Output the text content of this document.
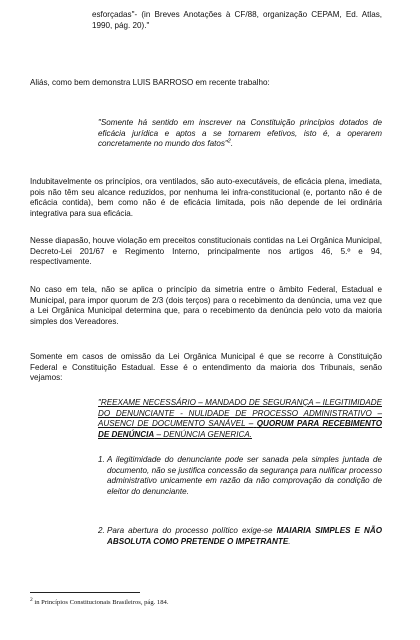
esforçadas"- (in Breves Anotações à CF/88, organização CEPAM, Ed. Atlas, 1990, pág. 20)."

Aliás, como bem demonstra LUIS BARROSO em recente trabalho:

"Somente há sentido em inscrever na Constituição princípios dotados de eficácia jurídica e aptos a se tornarem efetivos, isto é, a operarem concretamente no mundo dos fatos"$^2$.

Indubitavelmente os princípios, ora ventilados, são auto-executáveis, de eficácia plena, imediata, pois não têm seu alcance reduzidos, por nenhuma lei infra-constitucional (e, portanto não é de eficácia contida), bem como não é de eficácia limitada, pois não depende de lei ordinária integrativa para sua eficácia.

Nesse diapasão, houve violação em preceitos constitucionais contidas na Lei Orgânica Municipal, Decreto-Lei 201/67 e Regimento Interno, principalmente nos artigos 46, 5.º e 94, respectivamente.

No caso em tela, não se aplica o princípio da simetria entre o âmbito Federal, Estadual e Municipal, para impor quorum de 2/3 (dois terços) para o recebimento da denúncia, uma vez que a Lei Orgânica Municipal determina que, para o recebimento da denúncia pelo voto da maioria simples dos Vereadores.

Somente em casos de omissão da Lei Orgânica Municipal é que se recorre à Constituição Federal e Constituição Estadual. Esse é o entendimento da maioria dos Tribunais, senão vejamos:

"REEXAME NECESSÁRIO – MANDADO DE SEGURANÇA – ILEGITIMIDADE DO DENUNCIANTE - NULIDADE DE PROCESSO ADMINISTRATIVO – AUSENCI DE DOCUMENTO SANÁVEL – QUORUM PARA RECEBIMENTO DE DENÚNCIA – DENÚNCIA GENERICA.

1. A ilegitimidade do denunciante pode ser sanada pela simples juntada de documento, não se justifica concessão da segurança para nulificar processo administrativo unicamente em razão da não comprovação da condição de eleitor do denunciante.
2. Para abertura do processo político exige-se MAIARIA SIMPLES E NÃO ABSOLUTA COMO PRETENDE O IMPETRANTE.
$^2$ in Princípios Constitucionais Brasileiros, pág. 184.
